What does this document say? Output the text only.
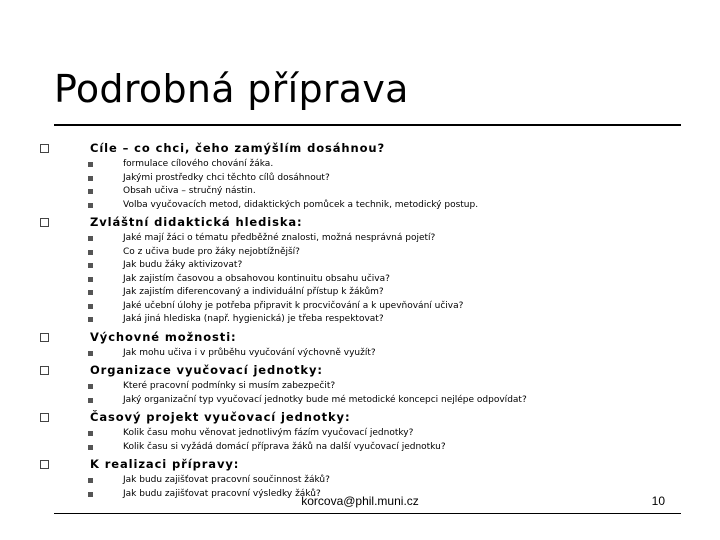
Podrobná příprava
Cíle – co chci, čeho zamýšlím dosáhnou?
formulace cílového chování žáka.
Jakými prostředky chci těchto cílů dosáhnout?
Obsah učiva – stručný nástin.
Volba vyučovacích metod, didaktických pomůcek a technik, metodický postup.
Zvláštní didaktická hlediska:
Jaké mají žáci o tématu předběžné znalosti, možná nesprávná pojetí?
Co z učiva bude pro žáky nejobtížnější?
Jak budu žáky aktivizovat?
Jak zajistím časovou a obsahovou kontinuitu obsahu učiva?
Jak zajistím diferencovaný a individuální přístup k žákům?
Jaké učební úlohy je potřeba připravit k procvičování a k upevňování učiva?
Jaká jiná hlediska (např. hygienická) je třeba respektovat?
Výchovné možnosti:
Jak mohu učiva i v průběhu vyučování výchovně využít?
Organizace vyučovací jednotky:
Které pracovní podmínky si musím zabezpečit?
Jaký organizační typ vyučovací jednotky bude mé metodické koncepci nejlépe odpovídat?
Časový projekt vyučovací jednotky:
Kolik času mohu věnovat jednotlivým fázím vyučovací jednotky?
Kolik času si vyžádá domácí příprava žáků na další vyučovací jednotku?
K realizaci přípravy:
Jak budu zajišťovat pracovní součinnost žáků?
Jak budu zajišťovat pracovní výsledky žáků?
korcova@phil.muni.cz	10
